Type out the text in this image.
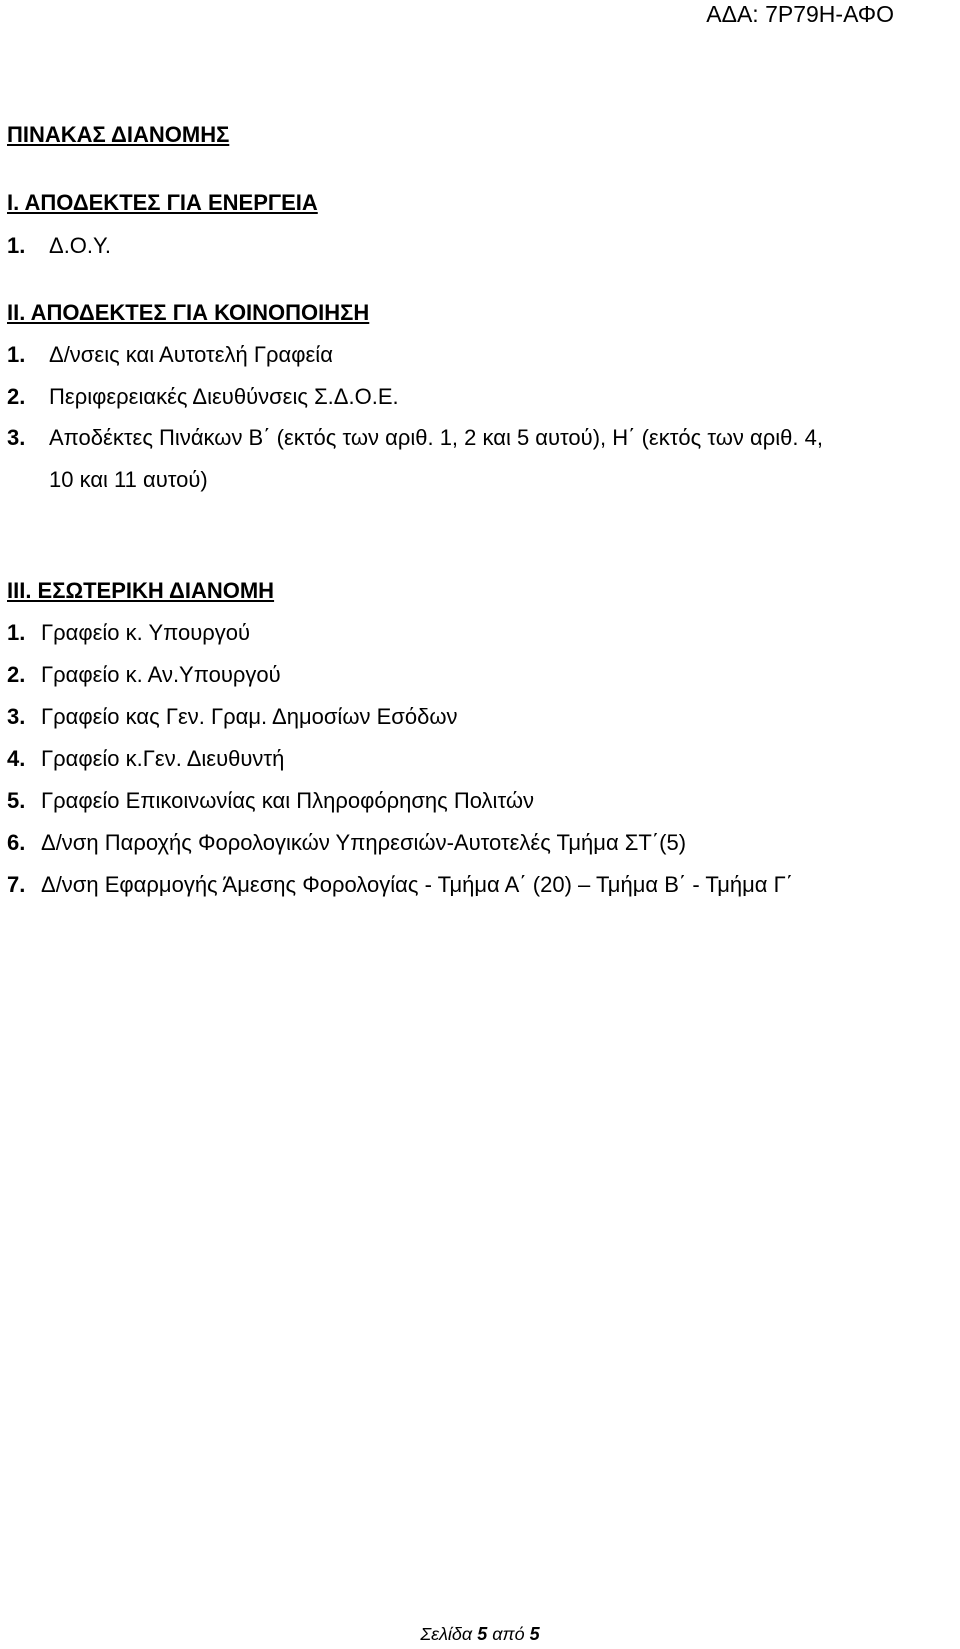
ΑΔΑ: 7Ρ79Η-ΑΦΟ
ΠΙΝΑΚΑΣ ΔΙΑΝΟΜΗΣ
Ι. ΑΠΟΔΕΚΤΕΣ ΓΙΑ ΕΝΕΡΓΕΙΑ
1. Δ.Ο.Υ.
ΙΙ. ΑΠΟΔΕΚΤΕΣ ΓΙΑ ΚΟΙΝΟΠΟΙΗΣΗ
1. Δ/νσεις και Αυτοτελή Γραφεία
2. Περιφερειακές Διευθύνσεις Σ.Δ.Ο.Ε.
3. Αποδέκτες Πινάκων Β΄ (εκτός των αριθ. 1, 2 και 5 αυτού), Η΄ (εκτός των αριθ. 4,
10 και 11 αυτού)
ΙΙΙ. ΕΣΩΤΕΡΙΚΗ ΔΙΑΝΟΜΗ
1. Γραφείο κ. Υπουργού
2. Γραφείο κ. Αν.Υπουργού
3. Γραφείο κας Γεν. Γραμ. Δημοσίων Εσόδων
4. Γραφείο κ.Γεν. Διευθυντή
5. Γραφείο Επικοινωνίας και Πληροφόρησης Πολιτών
6. Δ/νση Παροχής Φορολογικών Υπηρεσιών-Αυτοτελές Τμήμα ΣΤ΄(5)
7. Δ/νση Εφαρμογής Άμεσης Φορολογίας - Τμήμα Α΄ (20) – Τμήμα Β΄ - Τμήμα Γ΄
Σελίδα 5 από 5
